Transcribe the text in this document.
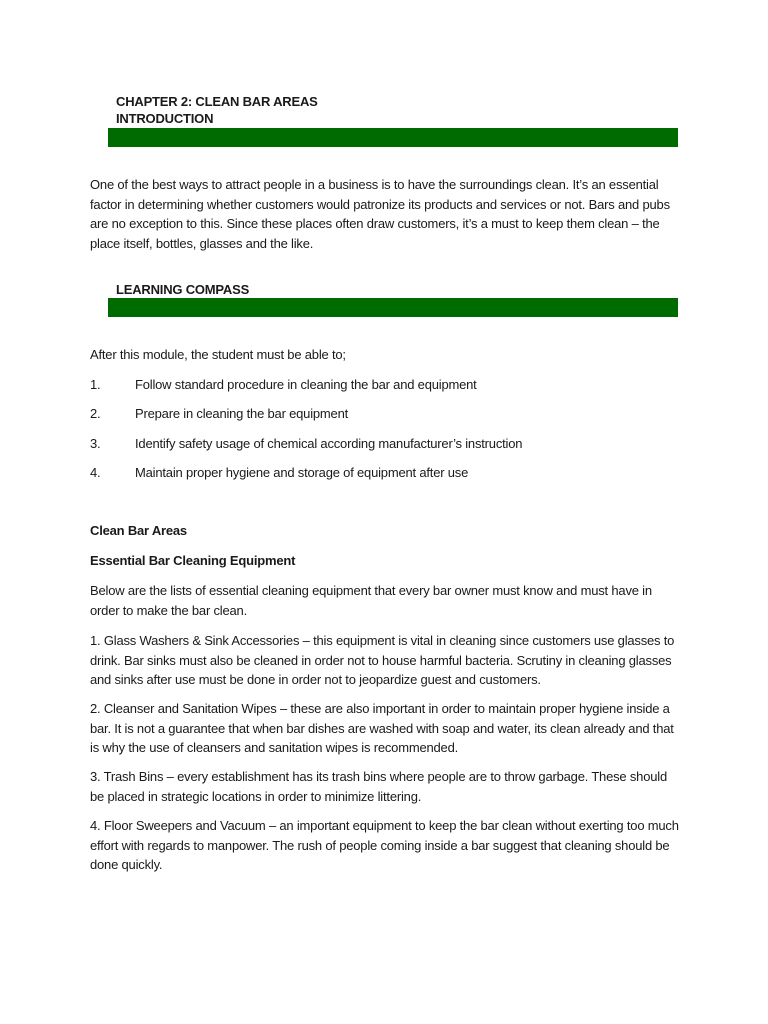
CHAPTER 2: CLEAN BAR AREAS
INTRODUCTION
One of the best ways to attract people in a business is to have the surroundings clean. It’s an essential factor in determining whether customers would patronize its products and services or not. Bars and pubs are no exception to this. Since these places often draw customers, it’s a must to keep them clean – the place itself, bottles, glasses and the like.
LEARNING COMPASS
After this module, the student must be able to;
1.	Follow standard procedure in cleaning the bar and equipment
2.	Prepare in cleaning the bar equipment
3.	Identify safety usage of chemical according manufacturer’s instruction
4.	Maintain proper hygiene and storage of equipment after use
Clean Bar Areas
Essential Bar Cleaning Equipment
Below are the lists of essential cleaning equipment that every bar owner must know and must have in order to make the bar clean.
1. Glass Washers & Sink Accessories – this equipment is vital in cleaning since customers use glasses to drink. Bar sinks must also be cleaned in order not to house harmful bacteria. Scrutiny in cleaning glasses and sinks after use must be done in order not to jeopardize guest and customers.
2. Cleanser and Sanitation Wipes – these are also important in order to maintain proper hygiene inside a bar. It is not a guarantee that when bar dishes are washed with soap and water, its clean already and that is why the use of cleansers and sanitation wipes is recommended.
3. Trash Bins – every establishment has its trash bins where people are to throw garbage. These should be placed in strategic locations in order to minimize littering.
4. Floor Sweepers and Vacuum – an important equipment to keep the bar clean without exerting too much effort with regards to manpower. The rush of people coming inside a bar suggest that cleaning should be done quickly.
